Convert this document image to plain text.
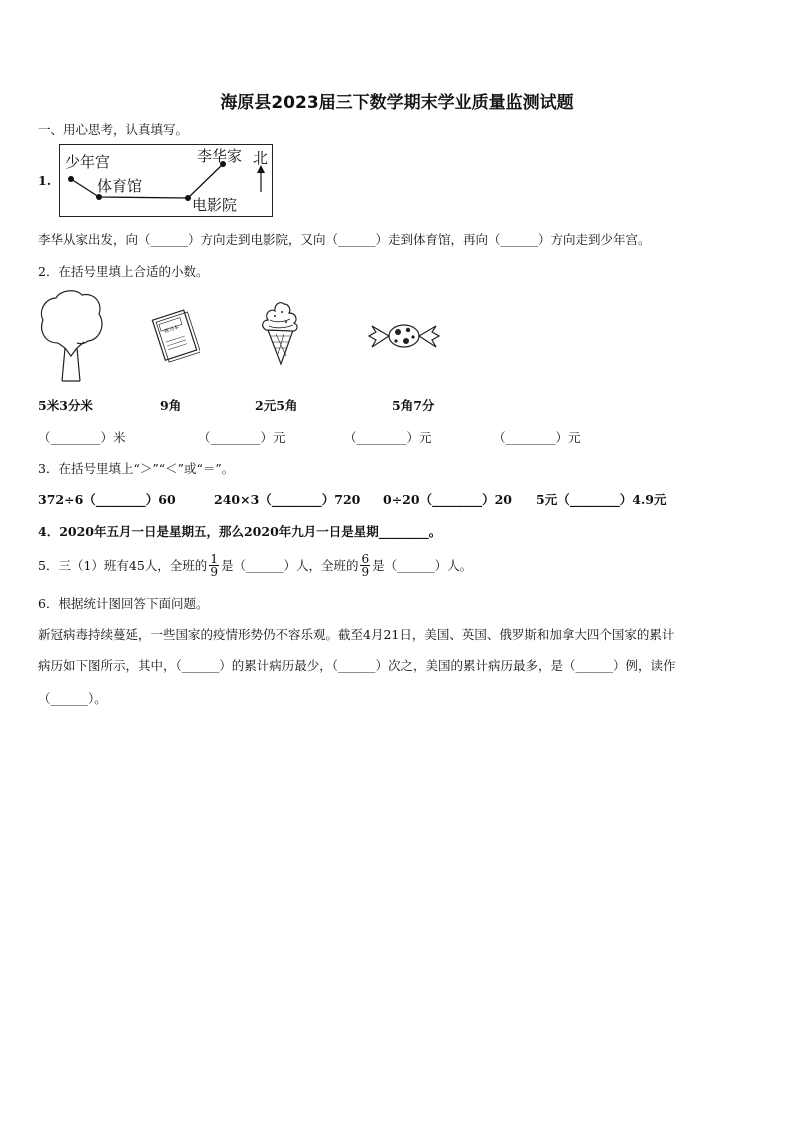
海原县2023届三下数学期末学业质量监测试题
一、用心思考，认真填写。
1.
少年宫
体育馆
李华家
电影院
北
李华从家出发，向（______）方向走到电影院，又向（______）走到体育馆，再向（______）方向走到少年宫。
2．在括号里填上合适的小数。
练习本
5米3分米	9角	2元5角	5角7分
（________）米	（________）元	（________）元	（________）元
3．在括号里填上“＞”“＜”或“＝”。
372÷6（________）60	240×3（________）720 0÷20（________）20 5元（________）4.9元
4．2020年五月一日是星期五，那么2020年九月一日是星期________。
5．三（1）班有45人，全班的 $\frac{1}{9}$ 是（______）人，全班的 $\frac{6}{9}$ 是（______）人。
6．根据统计图回答下面问题。
新冠病毒持续蔓延，一些国家的疫情形势仍不容乐观。截至4月21日，美国、英国、俄罗斯和加拿大四个国家的累计
病历如下图所示，其中，（______）的累计病历最少，（______）次之，美国的累计病历最多，是（______）例，读作
（______）。
